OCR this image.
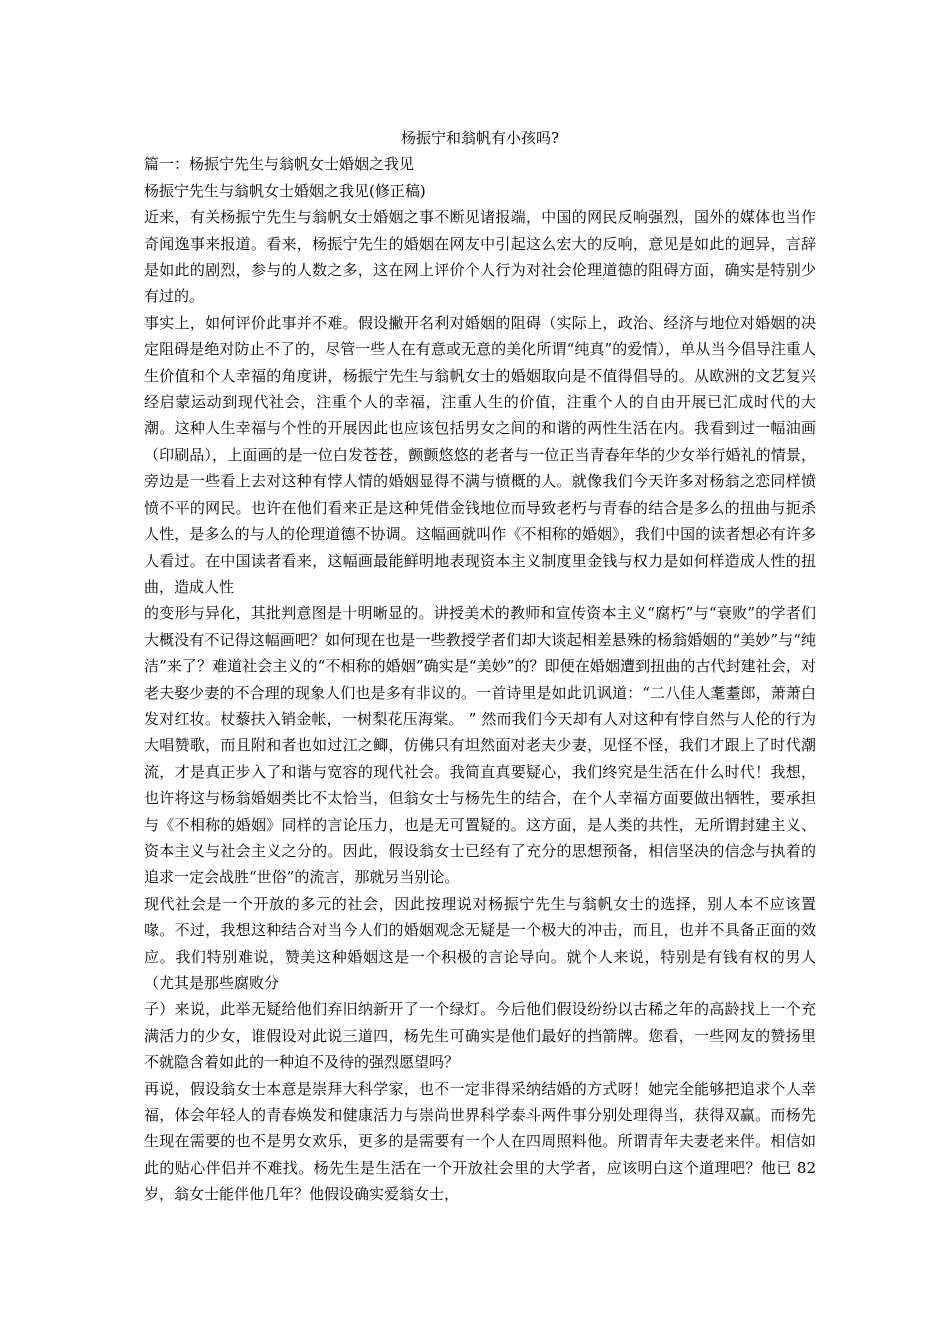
杨振宁和翁帆有小孩吗?
篇一：杨振宁先生与翁帆女士婚姻之我见
杨振宁先生与翁帆女士婚姻之我见(修正稿)
近来，有关杨振宁先生与翁帆女士婚姻之事不断见诸报端，中国的网民反响强烈，国外的媒体也当作奇闻逸事来报道。看来，杨振宁先生的婚姻在网友中引起这么宏大的反响，意见是如此的迥异，言辞是如此的剧烈，参与的人数之多，这在网上评价个人行为对社会伦理道德的阻碍方面，确实是特别少有过的。
事实上，如何评价此事并不难。假设撇开名利对婚姻的阻碍（实际上，政治、经济与地位对婚姻的决定阻碍是绝对防止不了的，尽管一些人在有意或无意的美化所谓“纯真”的爱情），单从当今倡导注重人生价值和个人幸福的角度讲，杨振宁先生与翁帆女士的婚姻取向是不值得倡导的。从欧洲的文艺复兴经启蒙运动到现代社会，注重个人的幸福，注重人生的价值，注重个人的自由开展已汇成时代的大潮。这种人生幸福与个性的开展因此也应该包括男女之间的和谐的两性生活在内。我看到过一幅油画（印刷品），上面画的是一位白发苍苍，颤颤悠悠的老者与一位正当青春年华的少女举行婚礼的情景，旁边是一些看上去对这种有悖人情的婚姻显得不满与愤概的人。就像我们今天许多对杨翁之恋同样愤愤不平的网民。也许在他们看来正是这种凭借金钱地位而导致老朽与青春的结合是多么的扭曲与扼杀人性，是多么的与人的伦理道德不协调。这幅画就叫作《不相称的婚姻》，我们中国的读者想必有许多人看过。在中国读者看来，这幅画最能鲜明地表现资本主义制度里金钱与权力是如何样造成人性的扭曲，造成人性
的变形与异化，其批判意图是十明晰显的。讲授美术的教师和宣传资本主义“腐朽”与“衰败”的学者们大概没有不记得这幅画吧？如何现在也是一些教授学者们却大谈起相差悬殊的杨翁婚姻的“美妙”与“纯洁”来了？难道社会主义的“不相称的婚姻”确实是“美妙”的？即便在婚姻遭到扭曲的古代封建社会，对老夫娶少妻的不合理的现象人们也是多有非议的。一首诗里是如此讥讽道：“二八佳人耄耋郎，萧萧白发对红妆。杖藜扶入销金帐，一树梨花压海棠。 ” 然而我们今天却有人对这种有悖自然与人伦的行为大唱赞歌，而且附和者也如过江之鲫，仿佛只有坦然面对老夫少妻，见怪不怪，我们才跟上了时代潮流，才是真正步入了和谐与宽容的现代社会。我简直真要疑心，我们终究是生活在什么时代！我想，也许将这与杨翁婚姻类比不太恰当，但翁女士与杨先生的结合，在个人幸福方面要做出牺牲，要承担与《不相称的婚姻》同样的言论压力，也是无可置疑的。这方面，是人类的共性，无所谓封建主义、资本主义与社会主义之分的。因此，假设翁女士已经有了充分的思想预备，相信坚决的信念与执着的追求一定会战胜“世俗”的流言，那就另当别论。
现代社会是一个开放的多元的社会，因此按理说对杨振宁先生与翁帆女士的选择，别人本不应该置喙。不过，我想这种结合对当今人们的婚姻观念无疑是一个极大的冲击，而且，也并不具备正面的效应。我们特别难说，赞美这种婚姻这是一个积极的言论导向。就个人来说，特别是有钱有权的男人（尤其是那些腐败分
子）来说，此举无疑给他们弃旧纳新开了一个绿灯。今后他们假设纷纷以古稀之年的高龄找上一个充满活力的少女，谁假设对此说三道四，杨先生可确实是他们最好的挡箭牌。您看，一些网友的赞扬里不就隐含着如此的一种迫不及待的强烈愿望吗？
再说，假设翁女士本意是崇拜大科学家，也不一定非得采纳结婚的方式呀！她完全能够把追求个人幸福，体会年轻人的青春焕发和健康活力与崇尚世界科学泰斗两件事分别处理得当，获得双赢。而杨先生现在需要的也不是男女欢乐，更多的是需要有一个人在四周照料他。所谓青年夫妻老来伴。相信如此的贴心伴侣并不难找。杨先生是生活在一个开放社会里的大学者，应该明白这个道理吧？他已 82 岁，翁女士能伴他几年？他假设确实爱翁女士，
